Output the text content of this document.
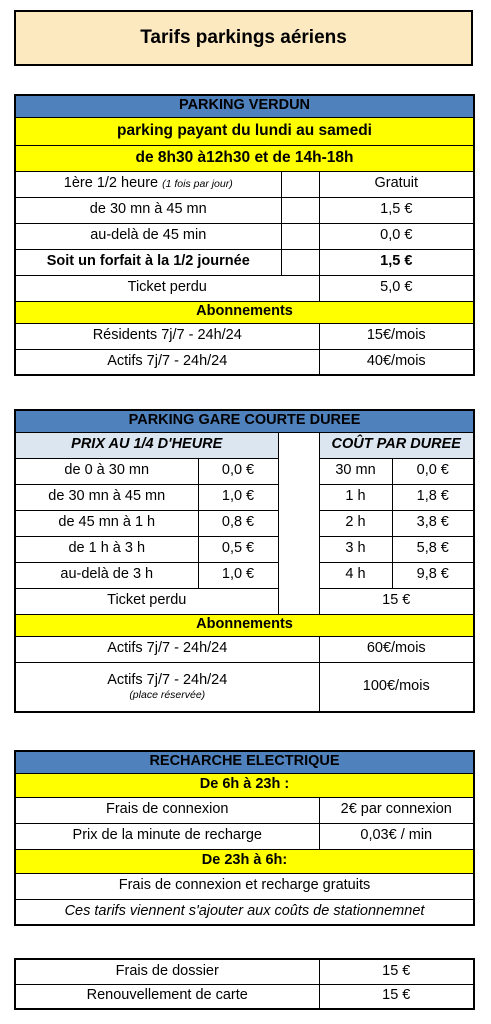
Tarifs parkings aériens
PARKING VERDUN		
parking payant du lundi au samedi		
de 8h30 à12h30 et de 14h-18h		
1ère 1/2 heure (1 fois par jour)		Gratuit
de 30 mn à 45 mn		1,5 €
au-delà de 45 min		0,0 €
Soit un forfait à la 1/2 journée		1,5 €
Ticket perdu		5,0 €
Abonnements		
Résidents 7j/7 - 24h/24		15€/mois
Actifs 7j/7 - 24h/24		40€/mois
PARKING GARE COURTE DUREE				
PRIX AU 1/4 D'HEURE			COÛT PAR DUREE	
de 0 à 30 mn	0,0 €		30 mn	0,0 €
de 30 mn à 45 mn	1,0 €		1 h	1,8 €
de 45 mn à 1 h	0,8 €		2 h	3,8 €
de 1 h à 3 h	0,5 €		3 h	5,8 €
au-delà de 3 h	1,0 €		4 h	9,8 €
Ticket perdu			15 €	
Abonnements				
Actifs 7j/7 - 24h/24			60€/mois	

Actifs 7j/7 - 24h/24
(place réservée)			100€/mois	
RECHARCHE ELECTRIQUE	
De 6h à 23h :	
Frais de connexion	2€ par connexion
Prix de la minute de recharge	0,03€ / min
De 23h à 6h:	
Frais de connexion et recharge gratuits	
Ces tarifs viennent s'ajouter aux coûts de stationnemnet	
Frais de dossier	15 €
Renouvellement de carte	15 €
